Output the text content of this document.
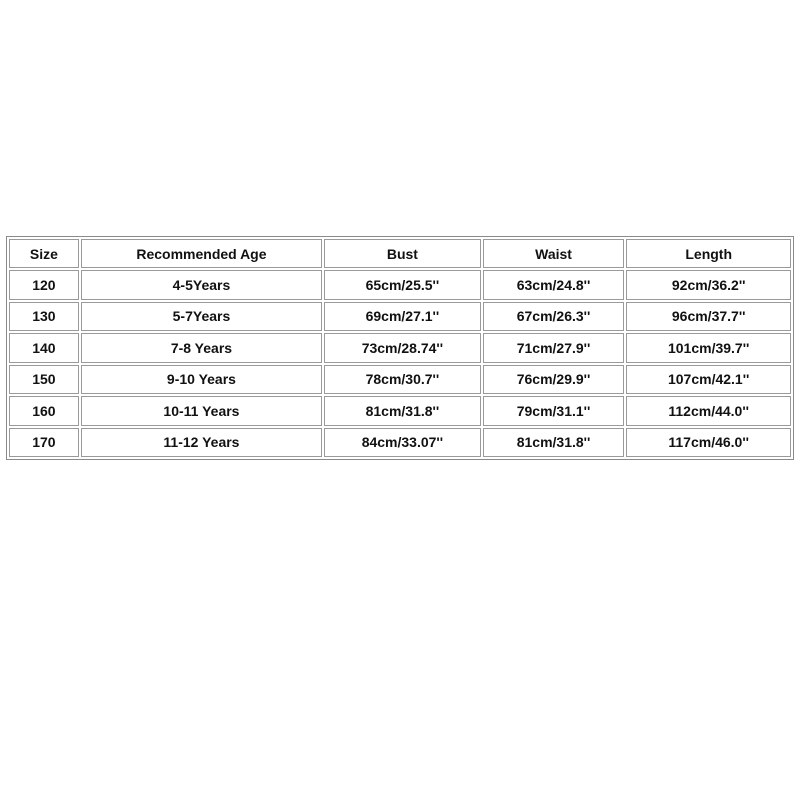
Size	Recommended Age	Bust	Waist	Length
120	4-5Years	65cm/25.5''	63cm/24.8''	92cm/36.2''
130	5-7Years	69cm/27.1''	67cm/26.3''	96cm/37.7''
140	7-8 Years	73cm/28.74''	71cm/27.9''	101cm/39.7''
150	9-10 Years	78cm/30.7''	76cm/29.9''	107cm/42.1''
160	10-11 Years	81cm/31.8''	79cm/31.1''	112cm/44.0''
170	11-12 Years	84cm/33.07''	81cm/31.8''	117cm/46.0''
